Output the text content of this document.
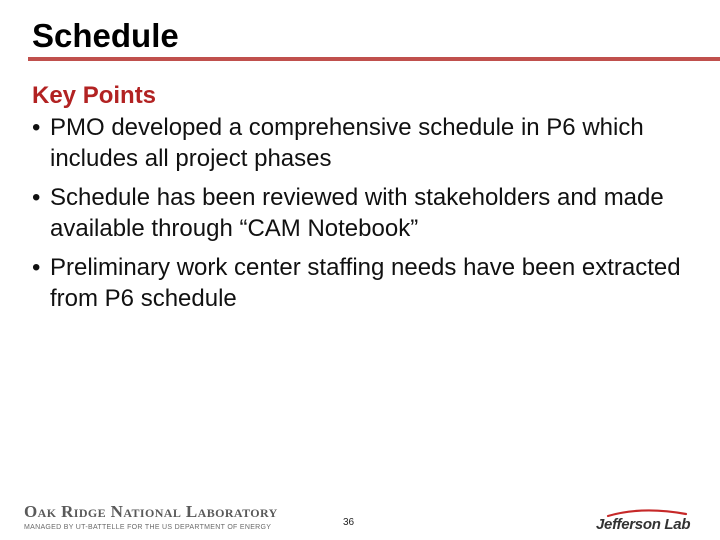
Schedule
Key Points
• PMO developed a comprehensive schedule in P6 which includes all project phases
• Schedule has been reviewed with stakeholders and made available through “CAM Notebook”
• Preliminary work center staffing needs have been extracted from P6 schedule
Oak Ridge National Laboratory
MANAGED BY UT-BATTELLE FOR THE US DEPARTMENT OF ENERGY	36	Jefferson Lab
